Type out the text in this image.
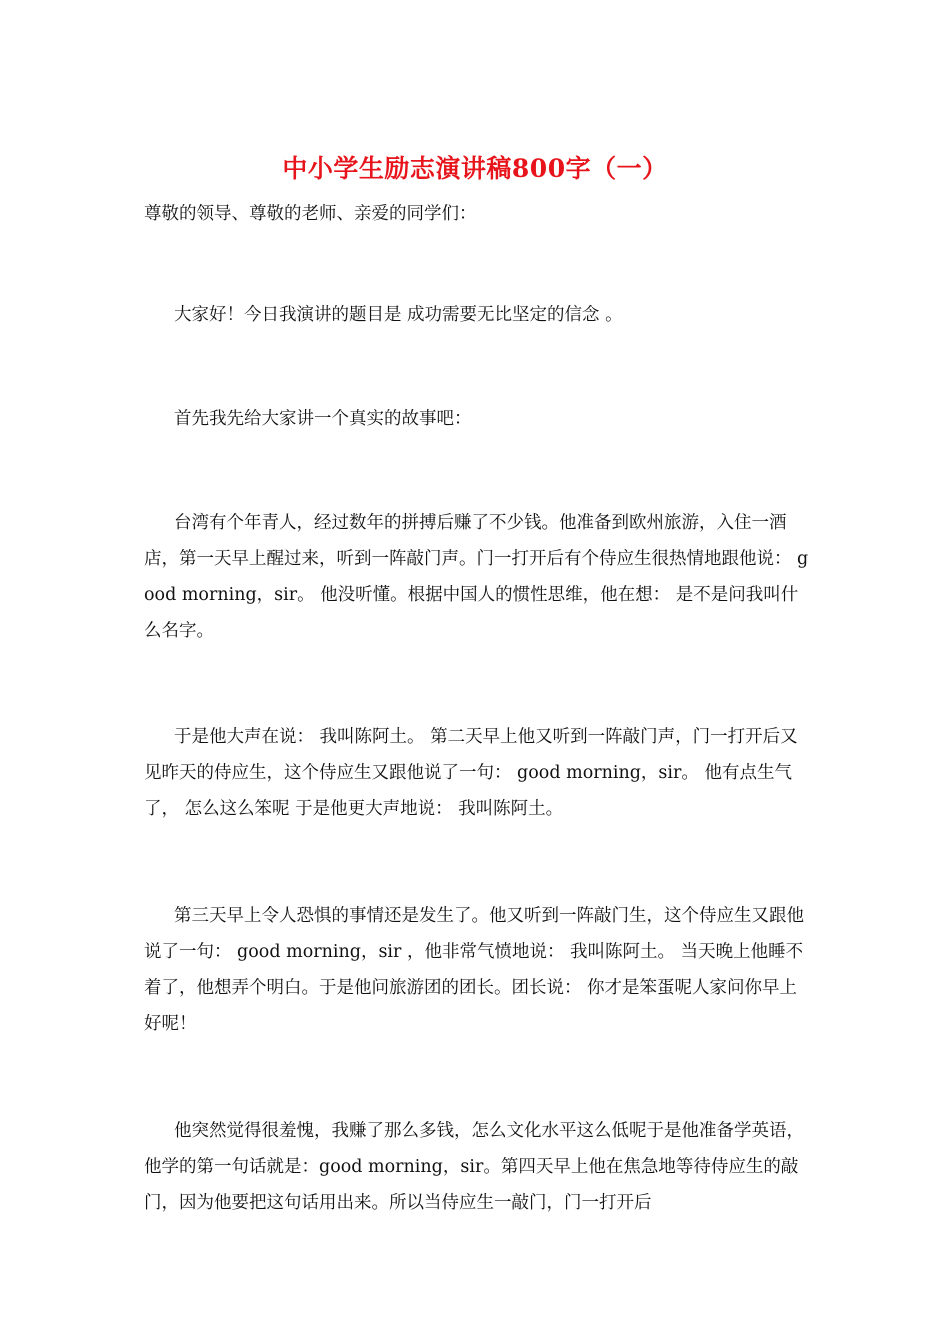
中小学生励志演讲稿800字（一）

尊敬的领导、尊敬的老师、亲爱的同学们：

大家好！今日我演讲的题目是 成功需要无比坚定的信念 。

首先我先给大家讲一个真实的故事吧：

台湾有个年青人，经过数年的拼搏后赚了不少钱。他准备到欧州旅游，入住一酒店，第一天早上醒过来，听到一阵敲门声。门一打开后有个侍应生很热情地跟他说： good morning，sir。 他没听懂。根据中国人的惯性思维，他在想： 是不是问我叫什么名字。

于是他大声在说： 我叫陈阿土。 第二天早上他又听到一阵敲门声，门一打开后又见昨天的侍应生，这个侍应生又跟他说了一句： good morning，sir。 他有点生气了， 怎么这么笨呢 于是他更大声地说： 我叫陈阿土。

第三天早上令人恐惧的事情还是发生了。他又听到一阵敲门生，这个侍应生又跟他说了一句： good morning，sir ，他非常气愤地说： 我叫陈阿土。 当天晚上他睡不着了，他想弄个明白。于是他问旅游团的团长。团长说： 你才是笨蛋呢人家问你早上好呢！

他突然觉得很羞愧，我赚了那么多钱，怎么文化水平这么低呢于是他准备学英语，他学的第一句话就是：good morning，sir。第四天早上他在焦急地等待侍应生的敲门，因为他要把这句话用出来。所以当侍应生一敲门，门一打开后
